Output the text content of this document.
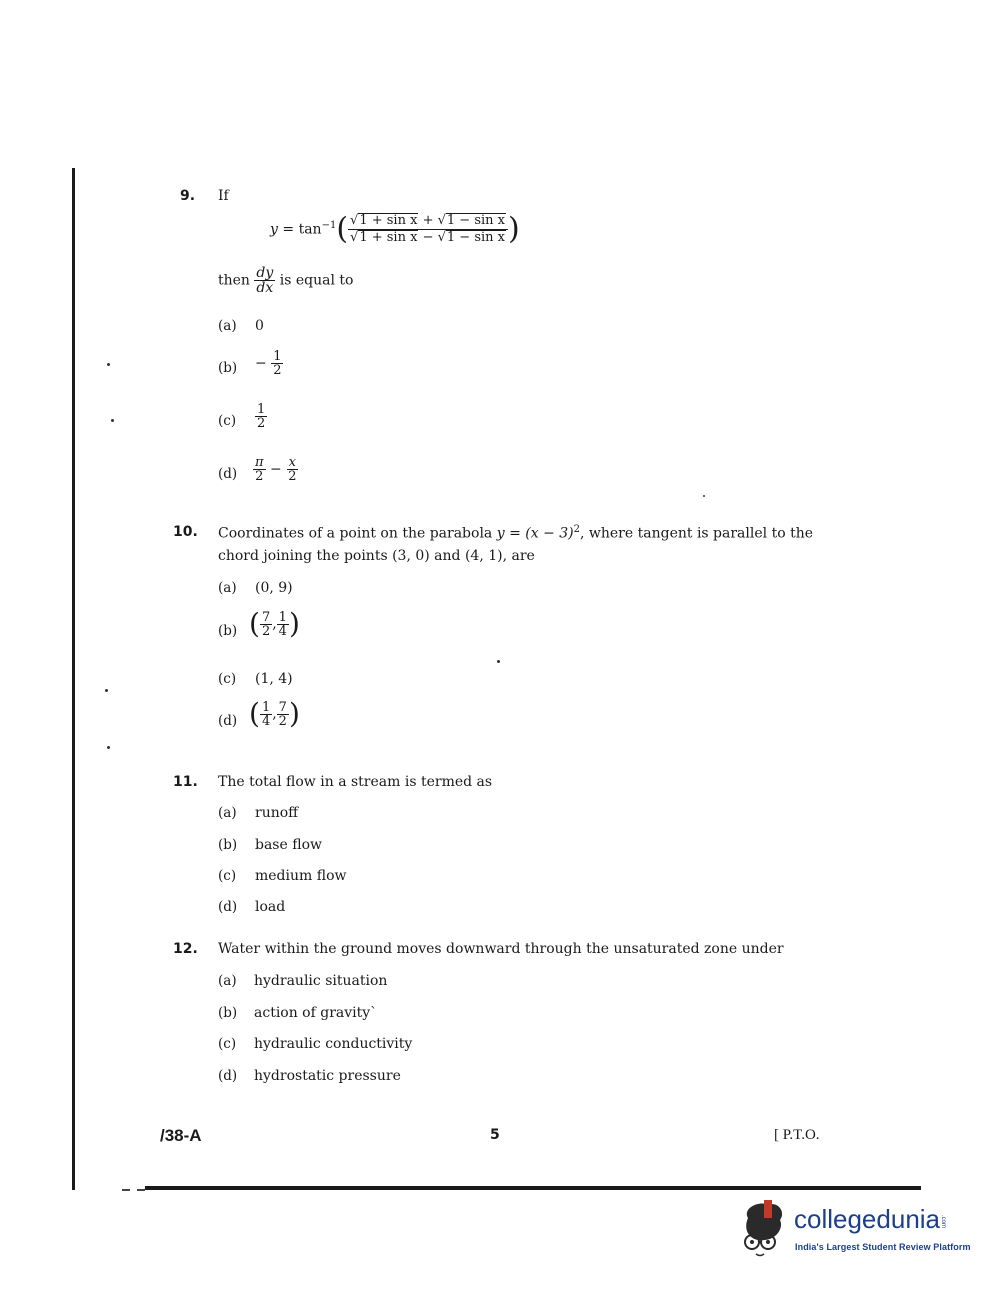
9. If
$y = \tan^{-1}( \frac{\text{√1 + sin x + √1 − sin x}}{\text{√1 + sin x − √1 − sin x}}$ )
then $\frac{dy}{dx}$ is equal to
(a) 0
$(b) - \frac{1}{2}$
$(c) \frac{1}{2}$
$(d) \frac{\pi}{2} - \frac{x}{2}$
10. Coordinates of a point on the parabola $y = (x - 3)^2$, where tangent is parallel to the
chord joining the points (3, 0) and (4, 1), are
(a) (0, 9)
(b) ( $\frac{7}{2}$ , $\frac{1}{4}$ )
(c) (1, 4)
(d) ( $\frac{1}{4}$ , $\frac{7}{2}$ )
11. The total flow in a stream is termed as
(a) runoff
(b) base flow
(c) medium flow
(d) load
12. Water within the ground moves downward through the unsaturated zone under
(a) hydraulic situation
(b) action of gravity`
(c) hydraulic conductivity
(d) hydrostatic pressure
/38-A	5	[ P.T.O.
collegedunia.com
India's Largest Student Review Platform
